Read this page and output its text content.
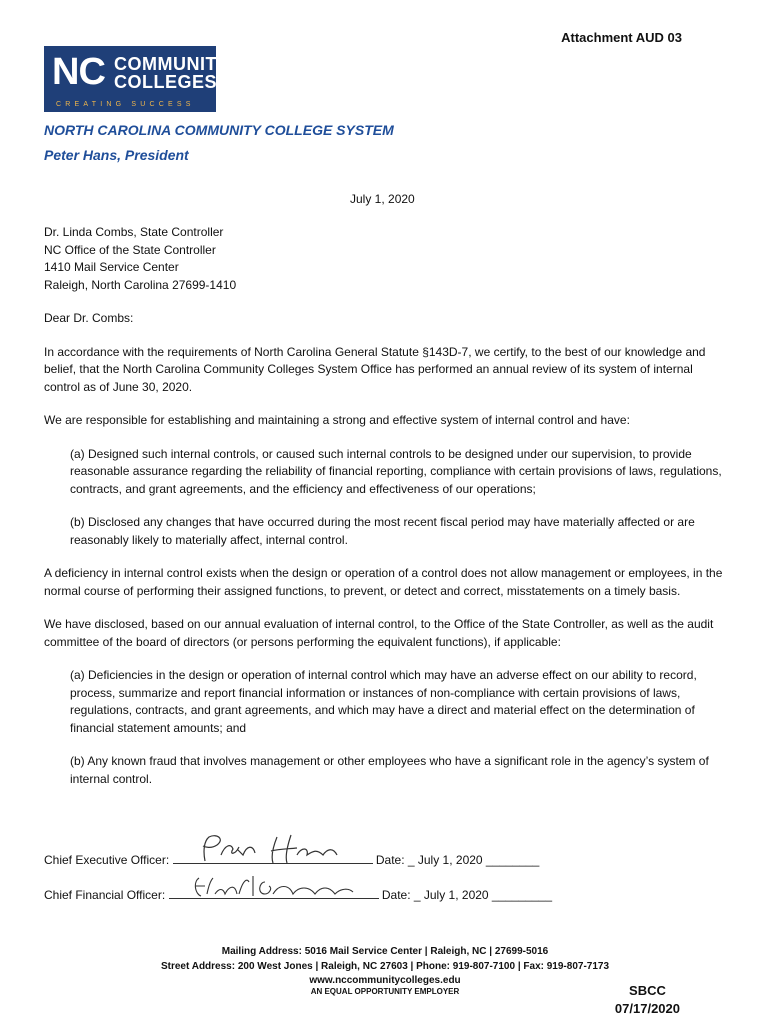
Attachment AUD 03
NC COMMUNITY
COLLEGES
CREATING SUCCESS
NORTH CAROLINA COMMUNITY COLLEGE SYSTEM
Peter Hans, President
July 1, 2020
Dr. Linda Combs, State Controller
NC Office of the State Controller
1410 Mail Service Center
Raleigh, North Carolina 27699-1410
Dear Dr. Combs:
In accordance with the requirements of North Carolina General Statute §143D-7, we certify, to the best of our knowledge and belief, that the North Carolina Community Colleges System Office has performed an annual review of its system of internal control as of June 30, 2020.
We are responsible for establishing and maintaining a strong and effective system of internal control and have:
(a) Designed such internal controls, or caused such internal controls to be designed under our supervision, to provide reasonable assurance regarding the reliability of financial reporting, compliance with certain provisions of laws, regulations, contracts, and grant agreements, and the efficiency and effectiveness of our operations;
(b) Disclosed any changes that have occurred during the most recent fiscal period may have materially affected or are reasonably likely to materially affect, internal control.
A deficiency in internal control exists when the design or operation of a control does not allow management or employees, in the normal course of performing their assigned functions, to prevent, or detect and correct, misstatements on a timely basis.
We have disclosed, based on our annual evaluation of internal control, to the Office of the State Controller, as well as the audit committee of the board of directors (or persons performing the equivalent functions), if applicable:
(a) Deficiencies in the design or operation of internal control which may have an adverse effect on our ability to record, process, summarize and report financial information or instances of non-compliance with certain provisions of laws, regulations, contracts, and grant agreements, and which may have a direct and material effect on the determination of financial statement amounts; and
(b) Any known fraud that involves management or other employees who have a significant role in the agency’s system of internal control.
Chief Executive Officer:	Date: _ July 1, 2020 ________
Chief Financial Officer:	Date: _ July 1, 2020 _________
Mailing Address: 5016 Mail Service Center | Raleigh, NC | 27699-5016
Street Address: 200 West Jones | Raleigh, NC 27603 | Phone: 919-807-7100 | Fax: 919-807-7173
www.nccommunitycolleges.edu
AN EQUAL OPPORTUNITY EMPLOYER	SBCC
07/17/2020
